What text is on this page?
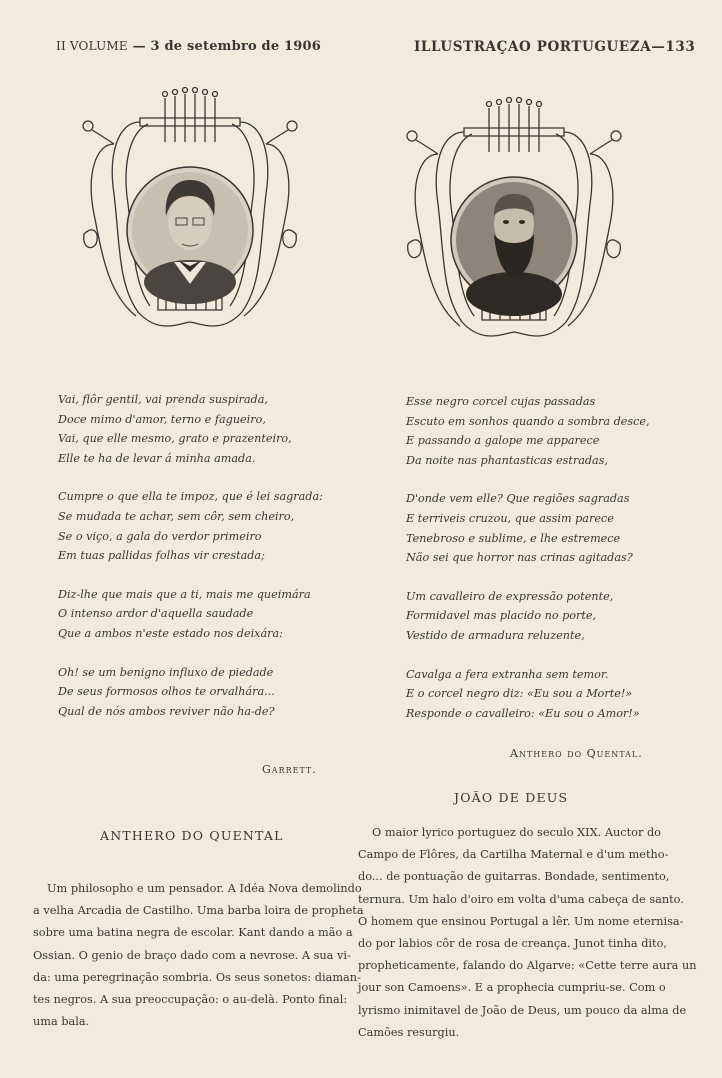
II VOLUME — 3 de setembro de 1906	ILLUSTRAÇAO PORTUGUEZA—133
Vai, flôr gentil, vai prenda suspirada,
Doce mimo d'amor, terno e fagueiro,
Vai, que elle mesmo, grato e prazenteiro,
Elle te ha de levar á minha amada.
Cumpre o que ella te impoz, que é lei sagrada:
Se mudada te achar, sem côr, sem cheiro,
Se o viço, a gala do verdor primeiro
Em tuas pallidas folhas vir crestada;
Diz-lhe que mais que a ti, mais me queimára
O intenso ardor d'aquella saudade
Que a ambos n'este estado nos deixára:
Oh! se um benigno influxo de piedade
De seus formosos olhos te orvalhára...
Qual de nós ambos reviver não ha-de?
Garrett.
Esse negro corcel cujas passadas
Escuto em sonhos quando a sombra desce,
E passando a galope me apparece
Da noite nas phantasticas estradas,
D'onde vem elle? Que regiões sagradas
E terriveis cruzou, que assim parece
Tenebroso e sublime, e lhe estremece
Não sei que horror nas crinas agitadas?
Um cavalleiro de expressão potente,
Formidavel mas placido no porte,
Vestido de armadura reluzente,
Cavalga a fera extranha sem temor.
E o corcel negro diz: «Eu sou a Morte!»
Responde o cavalleiro: «Eu sou o Amor!»
Anthero do Quental.
ANTHERO DO QUENTAL
JOÃO DE DEUS
Um philosopho e um pensador. A Idéa Nova demolindo
a velha Arcadia de Castilho. Uma barba loira de propheta
sobre uma batina negra de escolar. Kant dando a mão a
Ossian. O genio de braço dado com a nevrose. A sua vi-
da: uma peregrinação sombria. Os seus sonetos: diaman-
tes negros. A sua preoccupação: o au-delà. Ponto final:
uma bala.
O maior lyrico portuguez do seculo XIX. Auctor do
Campo de Flôres, da Cartilha Maternal e d'um metho-
do... de pontuação de guitarras. Bondade, sentimento,
ternura. Um halo d'oiro em volta d'uma cabeça de santo.
O homem que ensinou Portugal a lêr. Um nome eternisa-
do por labios côr de rosa de creança. Junot tinha dito,
propheticamente, falando do Algarve: «Cette terre aura un
jour son Camoens». E a prophecia cumpriu-se. Com o
lyrismo inimitavel de João de Deus, um pouco da alma de
Camões resurgiu.
